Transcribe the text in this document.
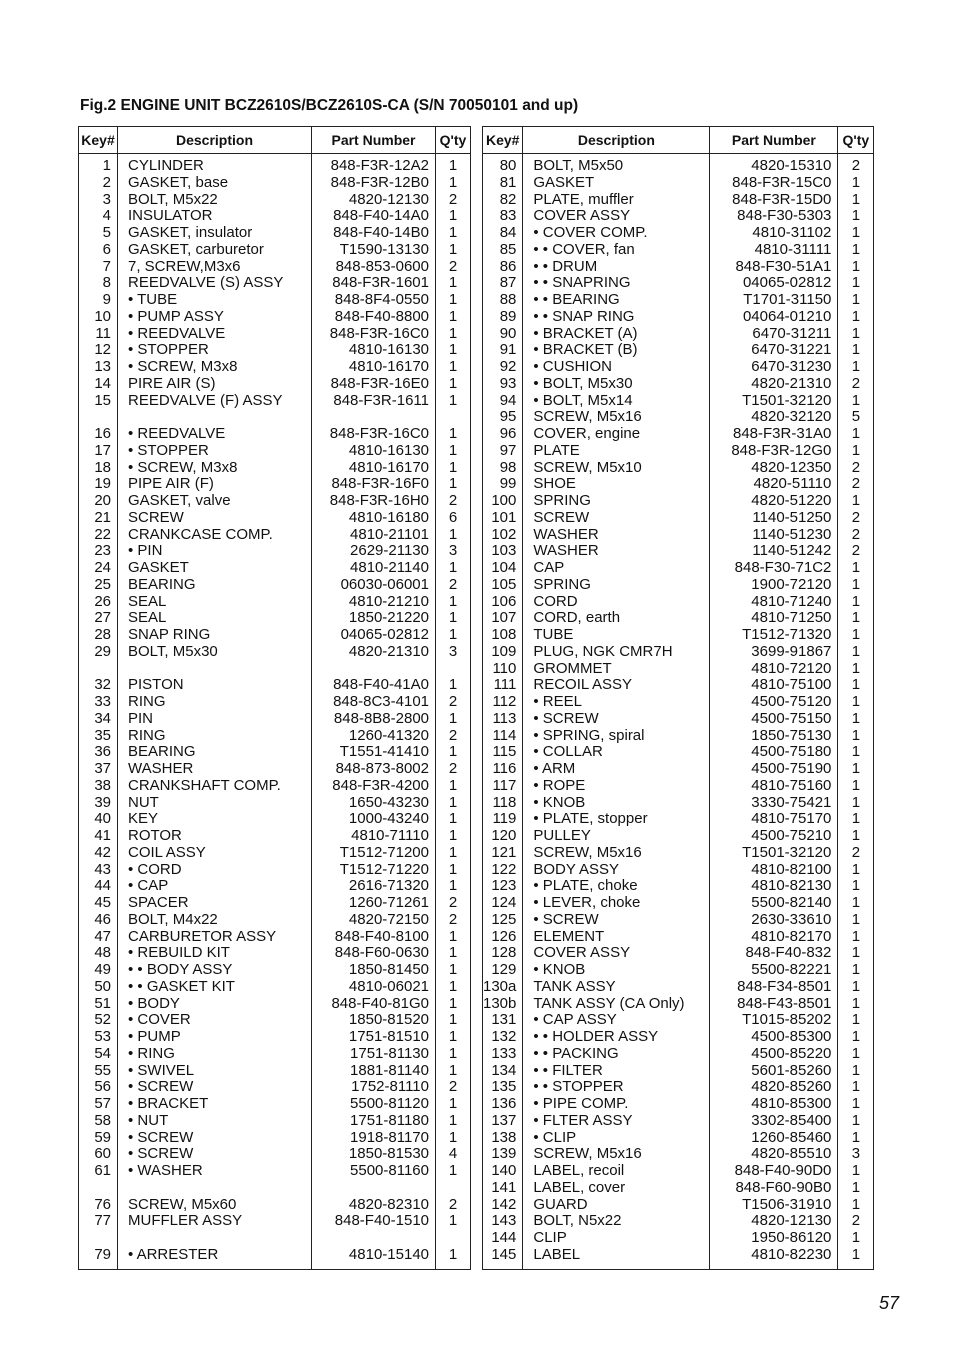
Fig.2 ENGINE UNIT BCZ2610S/BCZ2610S-CA (S/N 70050101 and up)
Key#	Description	Part Number	Q'ty
1	CYLINDER	848-F3R-12A2	1
2	GASKET, base	848-F3R-12B0	1
3	BOLT, M5x22	4820-12130	2
4	INSULATOR	848-F40-14A0	1
5	GASKET, insulator	848-F40-14B0	1
6	GASKET, carburetor	T1590-13130	1
7	7, SCREW,M3x6	848-853-0600	2
8	REEDVALVE (S) ASSY	848-F3R-1601	1
9	• TUBE	848-8F4-0550	1
10	• PUMP ASSY	848-F40-8800	1
11	• REEDVALVE	848-F3R-16C0	1
12	• STOPPER	4810-16130	1
13	• SCREW, M3x8	4810-16170	1
14	PIRE AIR (S)	848-F3R-16E0	1
15	REEDVALVE (F) ASSY	848-F3R-1611	1

16	• REEDVALVE	848-F3R-16C0	1
17	• STOPPER	4810-16130	1
18	• SCREW, M3x8	4810-16170	1
19	PIPE AIR (F)	848-F3R-16F0	1
20	GASKET, valve	848-F3R-16H0	2
21	SCREW	4810-16180	6
22	CRANKCASE COMP.	4810-21101	1
23	• PIN	2629-21130	3
24	GASKET	4810-21140	1
25	BEARING	06030-06001	2
26	SEAL	4810-21210	1
27	SEAL	1850-21220	1
28	SNAP RING	04065-02812	1
29	BOLT, M5x30	4820-21310	3

32	PISTON	848-F40-41A0	1
33	RING	848-8C3-4101	2
34	PIN	848-8B8-2800	1
35	RING	1260-41320	2
36	BEARING	T1551-41410	1
37	WASHER	848-873-8002	2
38	CRANKSHAFT COMP.	848-F3R-4200	1
39	NUT	1650-43230	1
40	KEY	1000-43240	1
41	ROTOR	4810-71110	1
42	COIL ASSY	T1512-71200	1
43	• CORD	T1512-71220	1
44	• CAP	2616-71320	1
45	SPACER	1260-71261	2
46	BOLT, M4x22	4820-72150	2
47	CARBURETOR ASSY	848-F40-8100	1
48	• REBUILD KIT	848-F60-0630	1
49	• • BODY ASSY	1850-81450	1
50	• • GASKET KIT	4810-06021	1
51	• BODY	848-F40-81G0	1
52	• COVER	1850-81520	1
53	• PUMP	1751-81510	1
54	• RING	1751-81130	1
55	• SWIVEL	1881-81140	1
56	• SCREW	1752-81110	2
57	• BRACKET	5500-81120	1
58	• NUT	1751-81180	1
59	• SCREW	1918-81170	1
60	• SCREW	1850-81530	4
61	• WASHER	5500-81160	1

76	SCREW, M5x60	4820-82310	2
77	MUFFLER ASSY	848-F40-1510	1

79	• ARRESTER	4810-15140	1
Key#	Description	Part Number	Q'ty
80	BOLT, M5x50	4820-15310	2
81	GASKET	848-F3R-15C0	1
82	PLATE, muffler	848-F3R-15D0	1
83	COVER ASSY	848-F30-5303	1
84	• COVER COMP.	4810-31102	1
85	• • COVER, fan	4810-31111	1
86	• • DRUM	848-F30-51A1	1
87	• • SNAPRING	04065-02812	1
88	• • BEARING	T1701-31150	1
89	• • SNAP RING	04064-01210	1
90	• BRACKET (A)	6470-31211	1
91	• BRACKET (B)	6470-31221	1
92	• CUSHION	6470-31230	1
93	• BOLT, M5x30	4820-21310	2
94	• BOLT, M5x14	T1501-32120	1
95	SCREW, M5x16	4820-32120	5
96	COVER, engine	848-F3R-31A0	1
97	PLATE	848-F3R-12G0	1
98	SCREW, M5x10	4820-12350	2
99	SHOE	4820-51110	2
100	SPRING	4820-51220	1
101	SCREW	1140-51250	2
102	WASHER	1140-51230	2
103	WASHER	1140-51242	2
104	CAP	848-F30-71C2	1
105	SPRING	1900-72120	1
106	CORD	4810-71240	1
107	CORD, earth	4810-71250	1
108	TUBE	T1512-71320	1
109	PLUG, NGK CMR7H	3699-91867	1
110	GROMMET	4810-72120	1
111	RECOIL ASSY	4810-75100	1
112	• REEL	4500-75120	1
113	• SCREW	4500-75150	1
114	• SPRING, spiral	1850-75130	1
115	• COLLAR	4500-75180	1
116	• ARM	4500-75190	1
117	• ROPE	4810-75160	1
118	• KNOB	3330-75421	1
119	• PLATE, stopper	4810-75170	1
120	PULLEY	4500-75210	1
121	SCREW, M5x16	T1501-32120	2
122	BODY ASSY	4810-82100	1
123	• PLATE, choke	4810-82130	1
124	• LEVER, choke	5500-82140	1
125	• SCREW	2630-33610	1
126	ELEMENT	4810-82170	1
128	COVER ASSY	848-F40-832	1
129	• KNOB	5500-82221	1
130a	TANK ASSY	848-F34-8501	1
130b	TANK ASSY (CA Only)	848-F43-8501	1
131	• CAP ASSY	T1015-85202	1
132	• • HOLDER ASSY	4500-85300	1
133	• • PACKING	4500-85220	1
134	• • FILTER	5601-85260	1
135	• • STOPPER	4820-85260	1
136	• PIPE COMP.	4810-85300	1
137	• FLTER ASSY	3302-85400	1
138	• CLIP	1260-85460	1
139	SCREW, M5x16	4820-85510	3
140	LABEL, recoil	848-F40-90D0	1
141	LABEL, cover	848-F60-90B0	1
142	GUARD	T1506-31910	1
143	BOLT, N5x22	4820-12130	2
144	CLIP	1950-86120	1
145	LABEL	4810-82230	1
57
